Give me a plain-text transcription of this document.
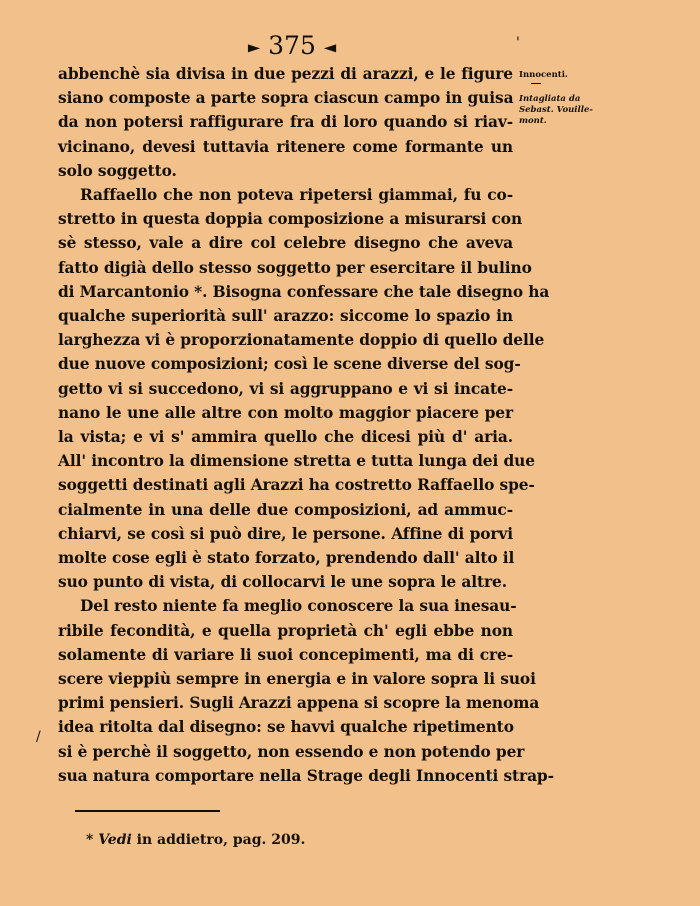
► 375 ◄	'
/
Innocenti.
Intagliata da Sebast. Vouille-mont.
abbenchè sia divisa in due pezzi di arazzi, e le figure
siano composte a parte sopra ciascun campo in guisa
da non potersi raffigurare fra di loro quando si riav-
vicinano, devesi tuttavia ritenere come formante un
solo soggetto.
Raffaello che non poteva ripetersi giammai, fu co-
stretto in questa doppia composizione a misurarsi con
sè stesso, vale a dire col celebre disegno che aveva
fatto digià dello stesso soggetto per esercitare il bulino
di Marcantonio *. Bisogna confessare che tale disegno ha
qualche superiorità sull' arazzo: siccome lo spazio in
larghezza vi è proporzionatamente doppio di quello delle
due nuove composizioni; così le scene diverse del sog-
getto vi si succedono, vi si aggruppano e vi si incate-
nano le une alle altre con molto maggior piacere per
la vista; e vi s' ammira quello che dicesi più d' aria.
All' incontro la dimensione stretta e tutta lunga dei due
soggetti destinati agli Arazzi ha costretto Raffaello spe-
cialmente in una delle due composizioni, ad ammuc-
chiarvi, se così si può dire, le persone. Affine di porvi
molte cose egli è stato forzato, prendendo dall' alto il
suo punto di vista, di collocarvi le une sopra le altre.
Del resto niente fa meglio conoscere la sua inesau-
ribile fecondità, e quella proprietà ch' egli ebbe non
solamente di variare li suoi concepimenti, ma di cre-
scere vieppiù sempre in energia e in valore sopra li suoi
primi pensieri. Sugli Arazzi appena si scopre la menoma
idea ritolta dal disegno: se havvi qualche ripetimento
si è perchè il soggetto, non essendo e non potendo per
sua natura comportare nella Strage degli Innocenti strap-
* Vedi in addietro, pag. 209.
